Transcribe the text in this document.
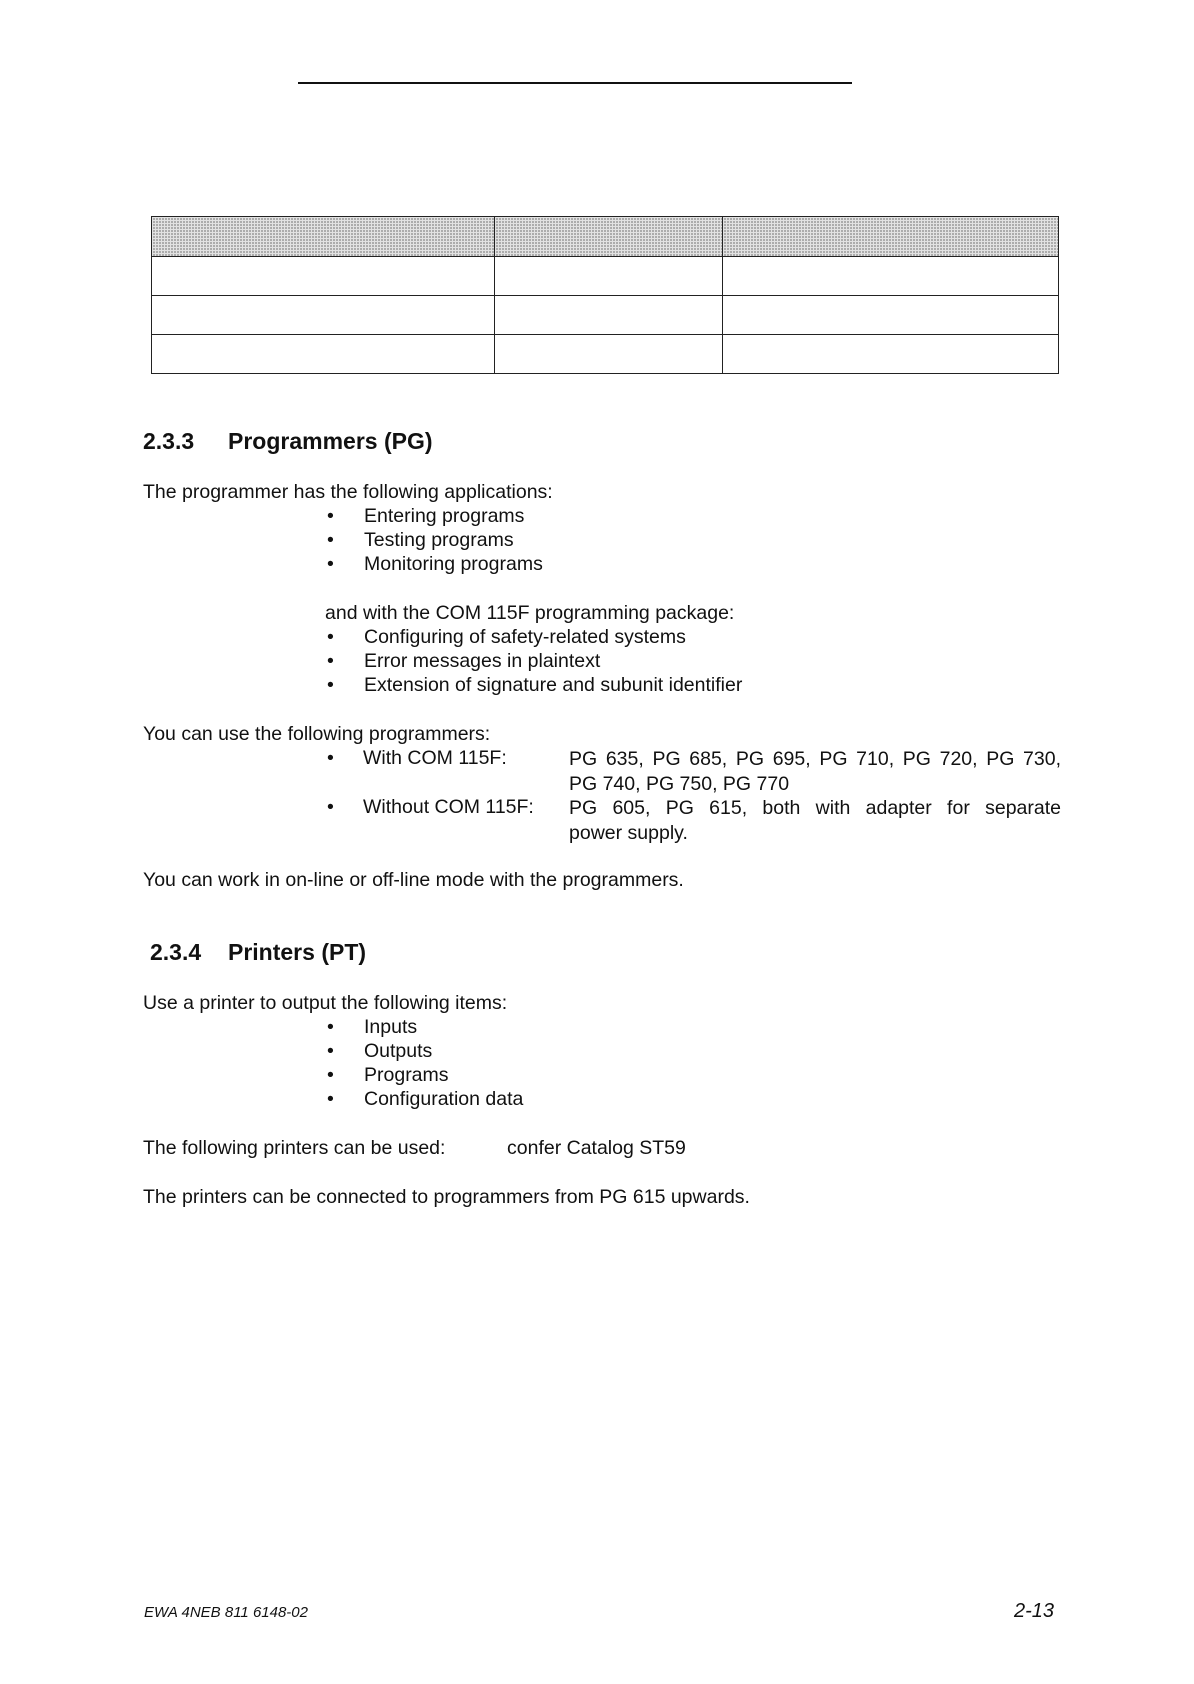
2.3.3 Programmers (PG)
The programmer has the following applications:
• Entering programs
• Testing programs
• Monitoring programs
and with the COM 115F programming package:
• Configuring of safety-related systems
• Error messages in plaintext
• Extension of signature and subunit identifier
You can use the following programmers:
• With COM 115F:	PG 635, PG 685, PG 695, PG 710, PG 720, PG 730,
PG 740, PG 750, PG 770
• Without COM 115F: PG 605, PG 615, both with adapter for separate
power supply.
You can work in on-line or off-line mode with the programmers.
2.3.4 Printers (PT)
Use a printer to output the following items:
• Inputs
• Outputs
• Programs
• Configuration data
The following printers can be used:	confer Catalog ST59
The printers can be connected to programmers from PG 615 upwards.
EWA 4NEB 811 6148-02	2-13
